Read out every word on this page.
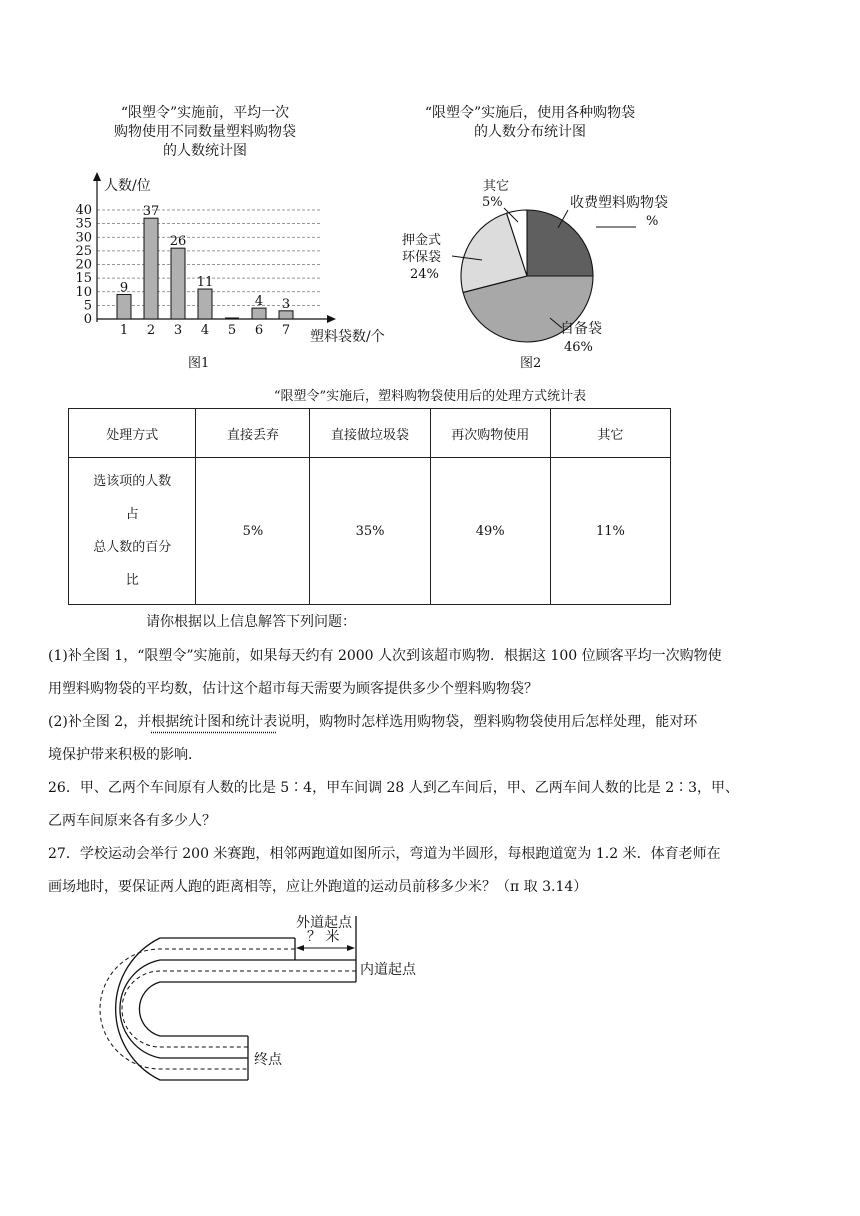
“限塑令”实施前，平均一次
购物使用不同数量塑料购物袋
的人数统计图
人数/位
塑料袋数/个
0
5
10
15
20
25
30
35
40
1 2 3 4 5 6 7
9
37
26
11
4 3
图1
“限塑令”实施后，使用各种购物袋
的人数分布统计图
其它
5%	收费塑料购物袋
%
押金式
环保袋
24%
自备袋
46%
图2
“限塑令”实施后，塑料购物袋使用后的处理方式统计表
处理方式	直接丢弃	直接做垃圾袋	再次购物使用	其它

选该项的人数
占
总人数的百分
比	5%	35%	49%	11%
请你根据以上信息解答下列问题：
(1)补全图 1，“限塑令”实施前，如果每天约有 2000 人次到该超市购物．根据这 100 位顾客平均一次购物使
用塑料购物袋的平均数，估计这个超市每天需要为顾客提供多少个塑料购物袋？
(2)补全图 2，并根据统计图和统计表说明，购物时怎样选用购物袋，塑料购物袋使用后怎样处理，能对环
境保护带来积极的影响．
26．甲、乙两个车间原有人数的比是 5∶4，甲车间调 28 人到乙车间后，甲、乙两车间人数的比是 2∶3，甲、
乙两车间原来各有多少人？
27．学校运动会举行 200 米赛跑，相邻两跑道如图所示，弯道为半圆形，每根跑道宽为 1.2 米．体育老师在
画场地时，要保证两人跑的距离相等，应让外跑道的运动员前移多少米？（π 取 3.14）
？ 米
外道起点
内道起点
终点
